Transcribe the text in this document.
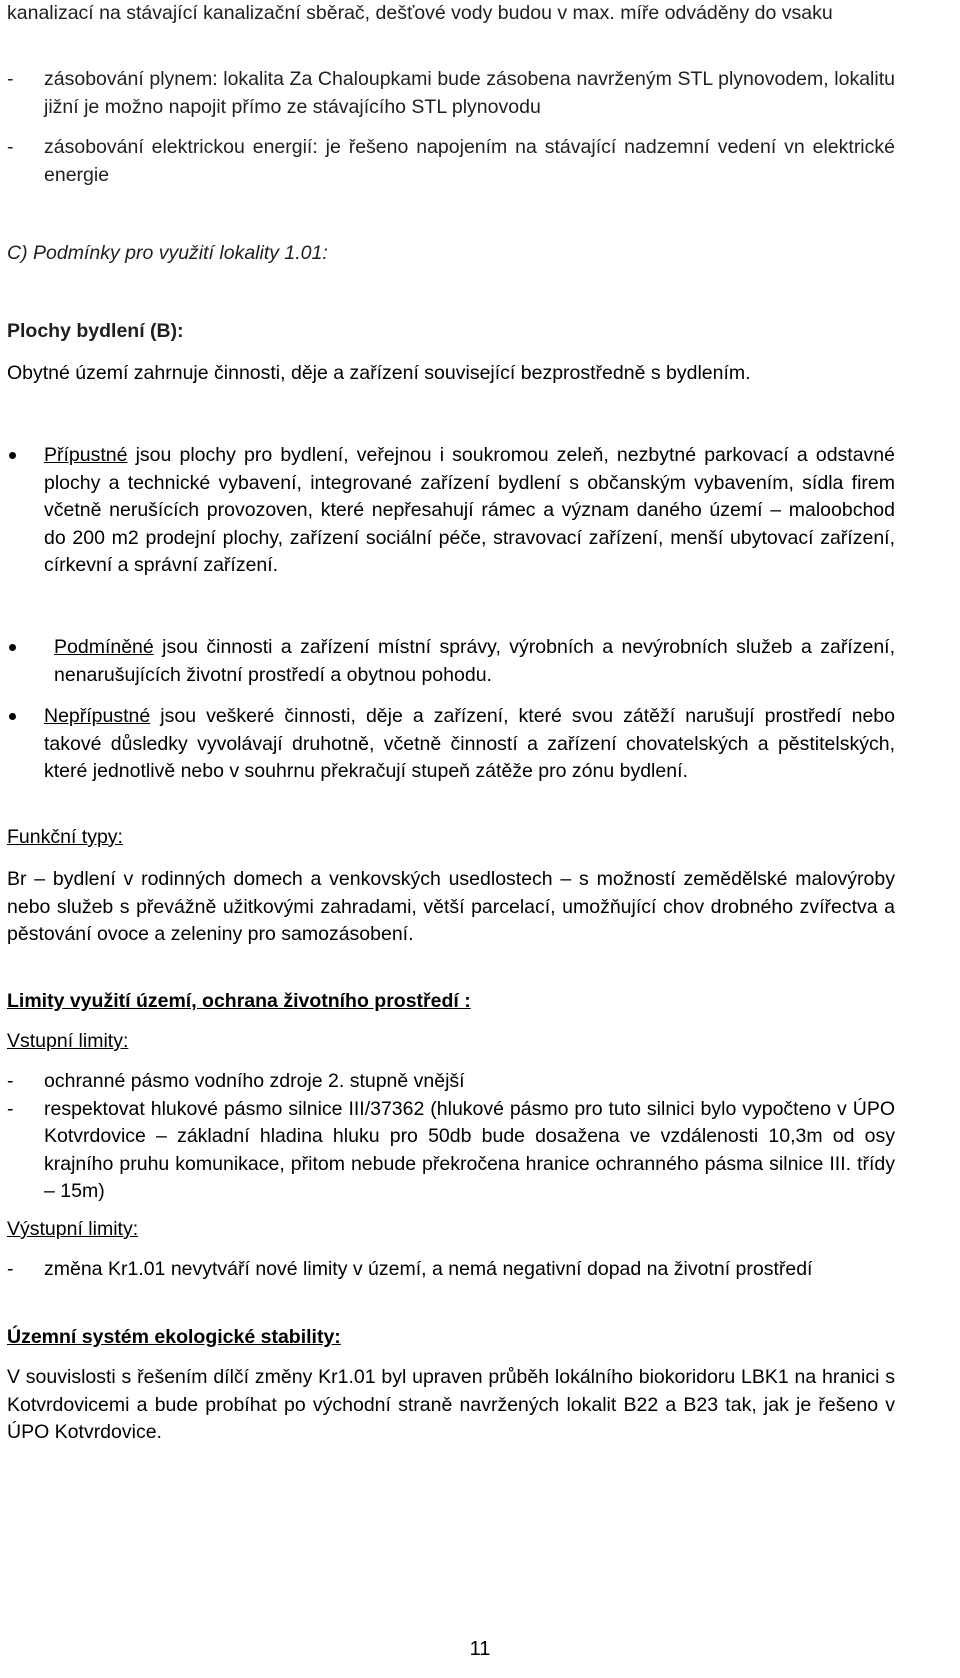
kanalizací na stávající kanalizační sběrač, dešťové vody budou v max. míře odváděny do vsaku

- zásobování plynem: lokalita Za Chaloupkami bude zásobena navrženým STL plynovodem, lokalitu jižní je možno napojit přímo ze stávajícího STL plynovodu
- zásobování elektrickou energií: je řešeno napojením na stávající nadzemní vedení vn elektrické energie

C) Podmínky pro využití lokality 1.01:

Plochy bydlení (B):

Obytné území zahrnuje činnosti, děje a zařízení související bezprostředně s bydlením.

Přípustné jsou plochy pro bydlení, veřejnou i soukromou zeleň, nezbytné parkovací a odstavné plochy a technické vybavení, integrované zařízení bydlení s občanským vybavením, sídla firem včetně nerušících provozoven, které nepřesahují rámec a význam daného území – maloobchod do 200 m2 prodejní plochy, zařízení sociální péče, stravovací zařízení, menší ubytovací zařízení, církevní a správní zařízení.
Podmíněné jsou činnosti a zařízení místní správy, výrobních a nevýrobních služeb a zařízení, nenarušujících životní prostředí a obytnou pohodu.
Nepřípustné jsou veškeré činnosti, děje a zařízení, které svou zátěží narušují prostředí nebo takové důsledky vyvolávají druhotně, včetně činností a zařízení chovatelských a pěstitelských, které jednotlivě nebo v souhrnu překračují stupeň zátěže pro zónu bydlení.

Funkční typy:

Br – bydlení v rodinných domech a venkovských usedlostech – s možností zemědělské malovýroby nebo služeb s převážně užitkovými zahradami, větší parcelací, umožňující chov drobného zvířectva a pěstování ovoce a zeleniny pro samozásobení.

Limity využití území, ochrana životního prostředí :

Vstupní limity:

- ochranné pásmo vodního zdroje 2. stupně vnější
- respektovat hlukové pásmo silnice III/37362 (hlukové pásmo pro tuto silnici bylo vypočteno v ÚPO Kotvrdovice – základní hladina hluku pro 50db bude dosažena ve vzdálenosti 10,3m od osy krajního pruhu komunikace, přitom nebude překročena hranice ochranného pásma silnice III. třídy – 15m)

Výstupní limity:

- změna Kr1.01 nevytváří nové limity v území, a nemá negativní dopad na životní prostředí

Územní systém ekologické stability:

V souvislosti s řešením dílčí změny Kr1.01 byl upraven průběh lokálního biokoridoru LBK1 na hranici s Kotvrdovicemi a bude probíhat po východní straně navržených lokalit B22 a B23 tak, jak je řešeno v ÚPO Kotvrdovice.

11
